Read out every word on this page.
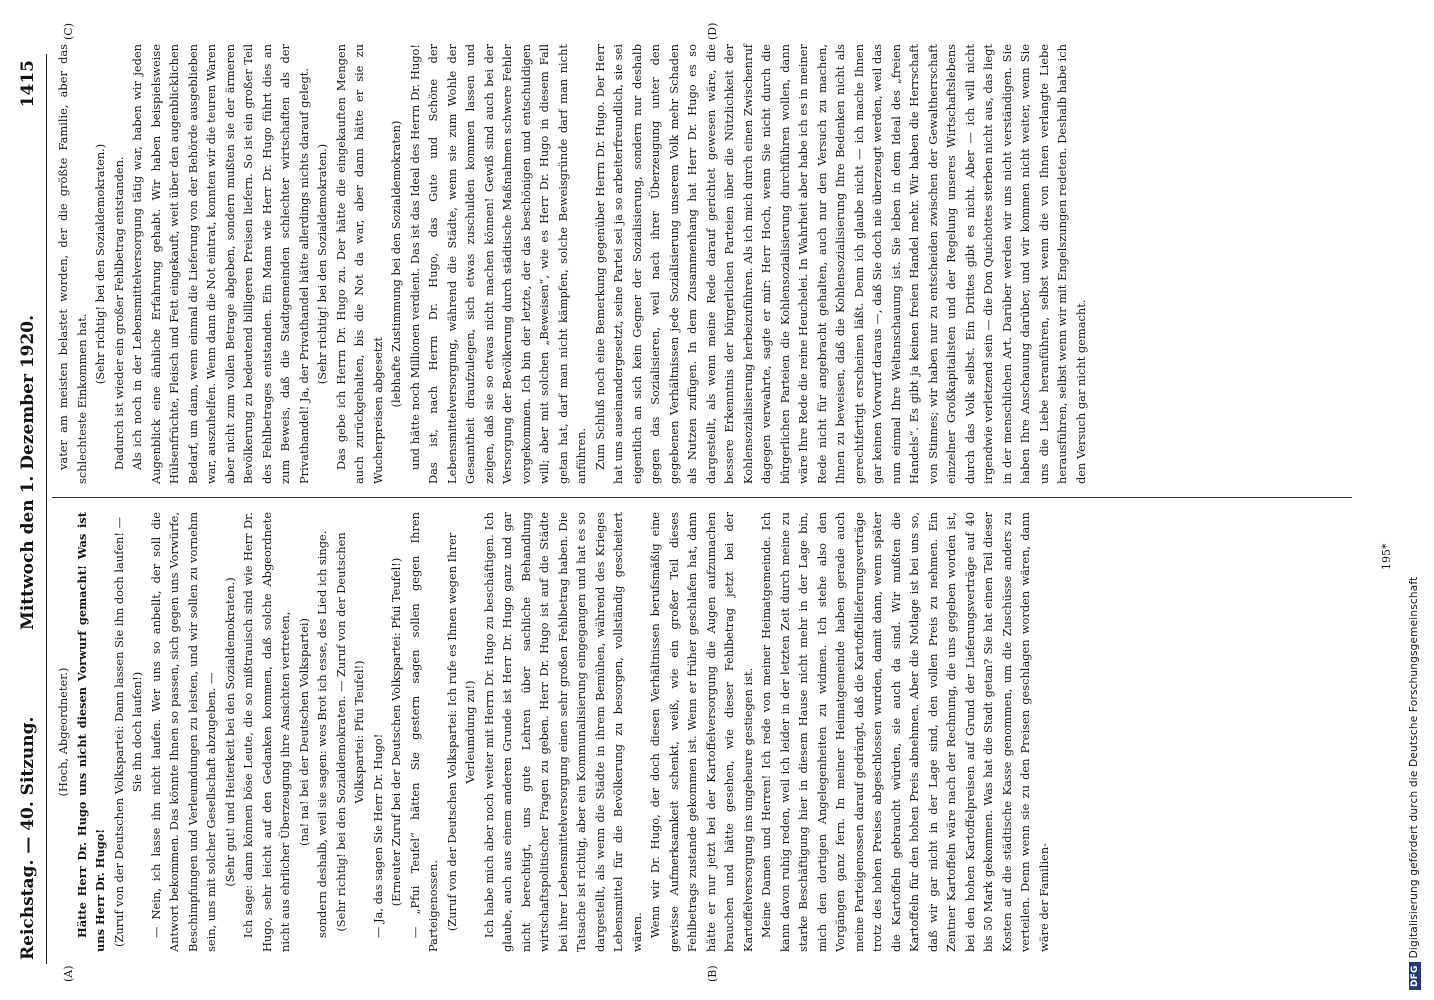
Reichstag. — 40. Sitzung.
Mittwoch den 1. Dezember 1920.
1415
(A)	(B)
(C)	(D)

(Hoch, Abgeordneter.) Hätte Herr Dr. Hugo uns nicht diesen Vorwurf gemacht! Was ist uns Herr Dr. Hugo! (Zuruf von der Deutschen Volkspartei: Dann lassen Sie ihn doch laufen! — Sie ihn doch laufen!) — Nein, ich lasse ihn nicht laufen. Wer uns so anbellt, der soll die Antwort bekommen. Das könnte Ihnen so passen, sich gegen uns Vorwürfe, Beschimpfungen und Verleumdungen zu leisten, und wir sollen zu vornehm sein, uns mit solcher Gesellschaft abzugeben. — (Sehr gut! und Heiterkeit bei den Sozialdemokraten.) Ich sage: dann können böse Leute, die so mißtrauisch sind wie Herr Dr. Hugo, sehr leicht auf den Gedanken kommen, daß solche Abgeordnete nicht aus ehrlicher Überzeugung ihre Ansichten vertreten, (na! na! bei der Deutschen Volkspartei) sondern deshalb, weil sie sagen: wes Brot ich esse, des Lied ich singe. (Sehr richtig! bei den Sozialdemokraten. — Zuruf von der Deutschen Volkspartei: Pfui Teufel!)

— Ja, das sagen Sie Herr Dr. Hugo! (Erneuter Zuruf bei der Deutschen Volkspartei: Pfui Teufel!) — „Pfui Teufel“ hätten Sie gestern sagen sollen gegen Ihren Parteigenossen. (Zuruf von der Deutschen Volkspartei: Ich rufe es Ihnen wegen Ihrer Verleumdung zu!) Ich habe mich aber noch weiter mit Herrn Dr. Hugo zu beschäftigen. Ich glaube, auch aus einem anderen Grunde ist Herr Dr. Hugo ganz und gar nicht berechtigt, uns gute Lehren über sachliche Behandlung wirtschaftspolitischer Fragen zu geben. Herr Dr. Hugo ist auf die Städte bei ihrer Lebensmittelversorgung einen sehr großen Fehlbetrag haben. Die Tatsache ist richtig, aber ein Kommunalisierung eingegangen und hat es so dargestellt, als wenn die Städte in ihrem Bemühen, während des Krieges Lebensmittel für die Bevölkerung zu besorgen, vollständig gescheitert wären. Wenn wir Dr. Hugo, der doch diesen Verhältnissen berufsmäßig eine gewisse Aufmerksamkeit schenkt, weiß, wie ein großer Teil dieses Fehlbetrags zustande gekommen ist. Wenn er früher geschlafen hat, dann hätte er nur jetzt bei der Kartoffelversorgung die Augen aufzumachen brauchen und hätte gesehen, wie dieser Fehlbetrag jetzt bei der Kartoffelversorgung ins ungeheure gestiegen ist. Meine Damen und Herren! Ich rede von meiner Heimatgemeinde. Ich kann davon ruhig reden, weil ich leider in der letzten Zeit durch meine zu starke Beschäftigung hier in diesem Hause nicht mehr in der Lage bin, mich den dortigen Angelegenheiten zu widmen. Ich stehe also den Vorgängen ganz fern. In meiner Heimatgemeinde haben gerade auch meine Parteigenossen darauf gedrängt, daß die Kartoffellieferungsverträge trotz des hohen Preises abgeschlossen wurden, damit dann, wenn später die Kartoffeln gebraucht würden, sie auch da sind. Wir mußten die Kartoffeln für den hohen Preis abnehmen. Aber die Notlage ist bei uns so, daß wir gar nicht in der Lage sind, den vollen Preis zu nehmen. Ein Zentner Kartoffeln wäre nach der Rechnung, die uns gegeben worden ist, bei den hohen Kartoffelpreisen auf Grund der Lieferungsverträge auf 40 bis 50 Mark gekommen. Was hat die Stadt getan? Sie hat einen Teil dieser Kosten auf die städtische Kasse genommen, um die Zuschüsse anders zu verteilen. Denn wenn sie zu den Preisen geschlagen worden wären, dann wäre der Familien-

vater am meisten belastet worden, der die größte Familie, aber das schlechteste Einkommen hat.

(Sehr richtig! bei den Sozialdemokraten.) Dadurch ist wieder ein großer Fehlbetrag entstanden. Als ich noch in der Lebensmittelversorgung tätig war, haben wir jeden Augenblick eine ähnliche Erfahrung gehabt. Wir haben beispielsweise Hülsenfrüchte, Fleisch und Fett eingekauft, weit über den augenblicklichen Bedarf, um dann, wenn einmal die Lieferung von der Behörde ausgeblieben war, auszuhelfen. Wenn dann die Not eintrat, konnten wir die teuren Waren aber nicht zum vollen Betrage abgeben, sondern mußten sie der ärmeren Bevölkerung zu bedeutend billigeren Preisen liefern. So ist ein großer Teil des Fehlbetrages entstanden. Ein Mann wie Herr Dr. Hugo führt dies an zum Beweis, daß die Stadtgemeinden schlechter wirtschaften als der Privathandel! Ja, der Privathandel hätte allerdings nichts darauf gelegt. (Sehr richtig! bei den Sozialdemokraten.) Das gebe ich Herrn Dr. Hugo zu. Der hätte die eingekauften Mengen auch zurückgehalten, bis die Not da war, aber dann hätte er sie zu Wucherpreisen abgesetzt

(lebhafte Zustimmung bei den Sozialdemokraten) und hätte noch Millionen verdient. Das ist das Ideal des Herrn Dr. Hugo! Das ist, nach Herrn Dr. Hugo, das Gute und Schöne der Lebensmittelversorgung, während die Städte, wenn sie zum Wohle der Gesamtheit draufzulegen, sich etwas zuschulden kommen lassen und zeigen, daß sie so etwas nicht machen können! Gewiß sind auch bei der Versorgung der Bevölkerung durch städtische Maßnahmen schwere Fehler vorgekommen. Ich bin der letzte, der das beschönigen und entschuldigen will; aber mit solchen „Beweisen“, wie es Herr Dr. Hugo in diesem Fall getan hat, darf man nicht kämpfen, solche Beweisgründe darf man nicht anführen. Zum Schluß noch eine Bemerkung gegenüber Herrn Dr. Hugo. Der Herr hat uns auseinandergesetzt, seine Partei sei ja so arbeiterfreundlich, sie sei eigentlich an sich kein Gegner der Sozialisierung, sondern nur deshalb gegen das Sozialisieren, weil nach ihrer Überzeugung unter den gegebenen Verhältnissen jede Sozialisierung unserem Volk mehr Schaden als Nutzen zufügen. In dem Zusammenhang hat Herr Dr. Hugo es so dargestellt, als wenn meine Rede darauf gerichtet gewesen wäre, die bessere Erkenntnis der bürgerlichen Parteien über die Nützlichkeit der Kohlensozialisierung herbeizuführen. Als ich mich durch einen Zwischenruf dagegen verwahrte, sagte er mir: Herr Hoch, wenn Sie nicht durch die bürgerlichen Parteien die Kohlensozialisierung durchführen wollen, dann wäre Ihre Rede die reine Heuchelei. In Wahrheit aber habe ich es in meiner Rede nicht für angebracht gehalten, auch nur den Versuch zu machen, Ihnen zu beweisen, daß die Kohlensozialisierung Ihre Bedenken nicht als gerechtfertigt erscheinen läßt. Denn ich glaube nicht — ich mache Ihnen gar keinen Vorwurf daraus —, daß Sie doch nie überzeugt werden, weil das nun einmal Ihre Weltanschauung ist. Sie leben in dem Ideal des „freien Handels“. Es gibt ja keinen freien Handel mehr. Wir haben die Herrschaft von Stinnes; wir haben nur zu entscheiden zwischen der Gewaltherrschaft einzelner Großkapitalisten und der Regelung unseres Wirtschaftslebens durch das Volk selbst. Ein Drittes gibt es nicht. Aber — ich will nicht irgendwie verletzend sein — die Don Quichottes sterben nicht aus, das liegt in der menschlichen Art. Darüber werden wir uns nicht verständigen. Sie haben Ihre Anschauung darüber, und wir kommen nicht weiter, wenn Sie uns die Liebe heranführen, selbst wenn die von Ihnen verlangte Liebe herausführen, selbst wenn wir mit Engelszungen redeten. Deshalb habe ich den Versuch gar nicht gemacht.

195*
DFGDigitalisierung gefördert durch die Deutsche Forschungsgemeinschaft
